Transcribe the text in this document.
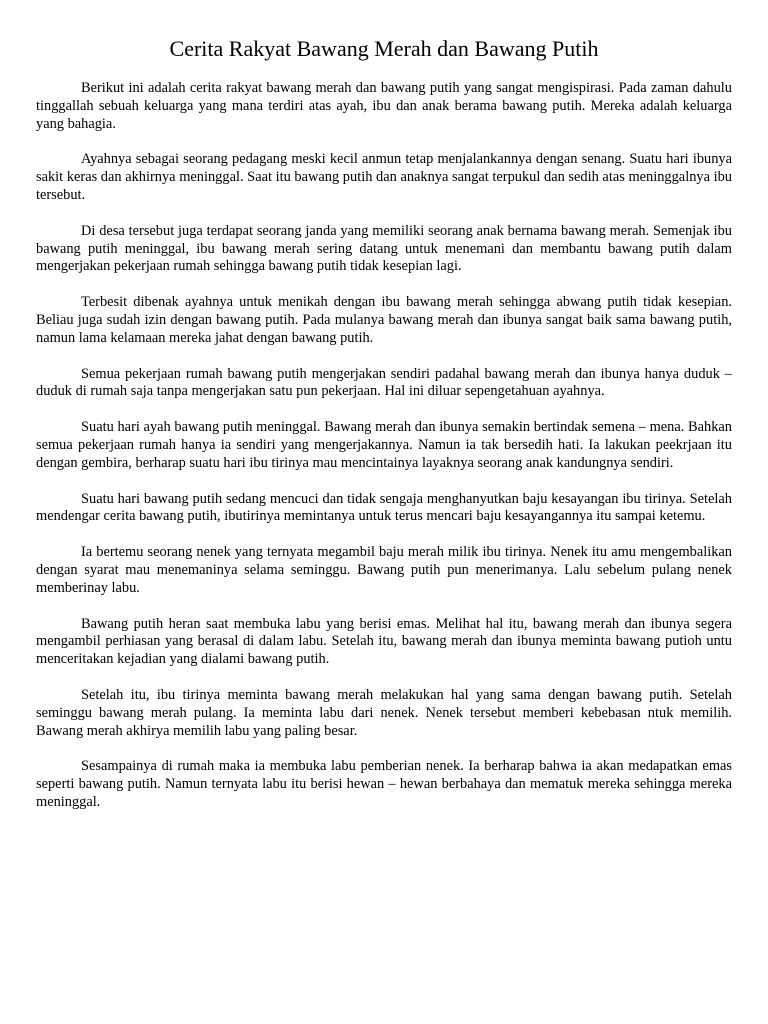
Cerita Rakyat Bawang Merah dan Bawang Putih

Berikut ini adalah cerita rakyat bawang merah dan bawang putih yang sangat mengispirasi. Pada zaman dahulu tinggallah sebuah keluarga yang mana terdiri atas ayah, ibu dan anak berama bawang putih. Mereka adalah keluarga yang bahagia.

Ayahnya sebagai seorang pedagang meski kecil anmun tetap menjalankannya dengan senang. Suatu hari ibunya sakit keras dan akhirnya meninggal. Saat itu bawang putih dan anaknya sangat terpukul dan sedih atas meninggalnya ibu tersebut.

Di desa tersebut juga terdapat seorang janda yang memiliki seorang anak bernama bawang merah. Semenjak ibu bawang putih meninggal, ibu bawang merah sering datang untuk menemani dan membantu bawang putih dalam mengerjakan pekerjaan rumah sehingga bawang putih tidak kesepian lagi.

Terbesit dibenak ayahnya untuk menikah dengan ibu bawang merah sehingga abwang putih tidak kesepian. Beliau juga sudah izin dengan bawang putih. Pada mulanya bawang merah dan ibunya sangat baik sama bawang putih, namun lama kelamaan mereka jahat dengan bawang putih.

Semua pekerjaan rumah bawang putih mengerjakan sendiri padahal bawang merah dan ibunya hanya duduk – duduk di rumah saja tanpa mengerjakan satu pun pekerjaan. Hal ini diluar sepengetahuan ayahnya.

Suatu hari ayah bawang putih meninggal. Bawang merah dan ibunya semakin bertindak semena – mena. Bahkan semua pekerjaan rumah hanya ia sendiri yang mengerjakannya. Namun ia tak bersedih hati. Ia lakukan peekrjaan itu dengan gembira, berharap suatu hari ibu tirinya mau mencintainya layaknya seorang anak kandungnya sendiri.

Suatu hari bawang putih sedang mencuci dan tidak sengaja menghanyutkan baju kesayangan ibu tirinya. Setelah mendengar cerita bawang putih, ibutirinya memintanya untuk terus mencari baju kesayangannya itu sampai ketemu.

Ia bertemu seorang nenek yang ternyata megambil baju merah milik ibu tirinya. Nenek itu amu mengembalikan dengan syarat mau menemaninya selama seminggu. Bawang putih pun menerimanya. Lalu sebelum pulang nenek memberinay labu.

Bawang putih heran saat membuka labu yang berisi emas. Melihat hal itu, bawang merah dan ibunya segera mengambil perhiasan yang berasal di dalam labu. Setelah itu, bawang merah dan ibunya meminta bawang putioh untu menceritakan kejadian yang dialami bawang putih.

Setelah itu, ibu tirinya meminta bawang merah melakukan hal yang sama dengan bawang putih. Setelah seminggu bawang merah pulang. Ia meminta labu dari nenek. Nenek tersebut memberi kebebasan ntuk memilih. Bawang merah akhirya memilih labu yang paling besar.

Sesampainya di rumah maka ia membuka labu pemberian nenek. Ia berharap bahwa ia akan medapatkan emas seperti bawang putih. Namun ternyata labu itu berisi hewan – hewan berbahaya dan mematuk mereka sehingga mereka meninggal.
